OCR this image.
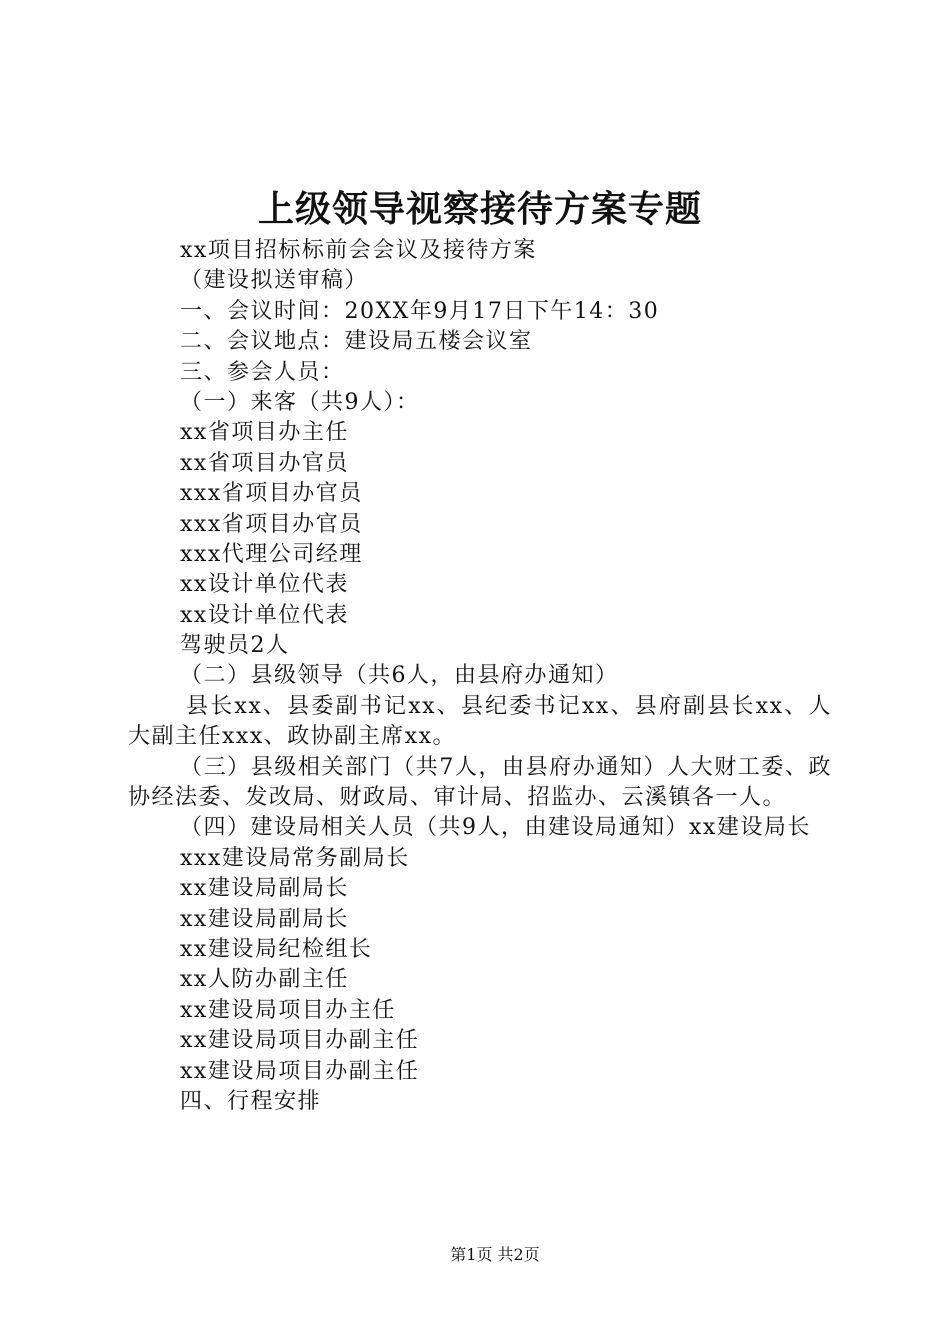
上级领导视察接待方案专题
xx项目招标标前会会议及接待方案
（建设拟送审稿）
一、会议时间：20XX年9月17日下午14：30
二、会议地点：建设局五楼会议室
三、参会人员：
（一）来客（共9人）：
xx省项目办主任
xx省项目办官员
xxx省项目办官员
xxx省项目办官员
xxx代理公司经理
xx设计单位代表
xx设计单位代表
驾驶员2人
（二）县级领导（共6人，由县府办通知）
县长xx、县委副书记xx、县纪委书记xx、县府副县长xx、人大副主任xxx、政协副主席xx。
（三）县级相关部门（共7人，由县府办通知）人大财工委、政协经法委、发改局、财政局、审计局、招监办、云溪镇各一人。
（四）建设局相关人员（共9人，由建设局通知）xx建设局长
xxx建设局常务副局长
xx建设局副局长
xx建设局副局长
xx建设局纪检组长
xx人防办副主任
xx建设局项目办主任
xx建设局项目办副主任
xx建设局项目办副主任
四、行程安排
第1页 共2页
